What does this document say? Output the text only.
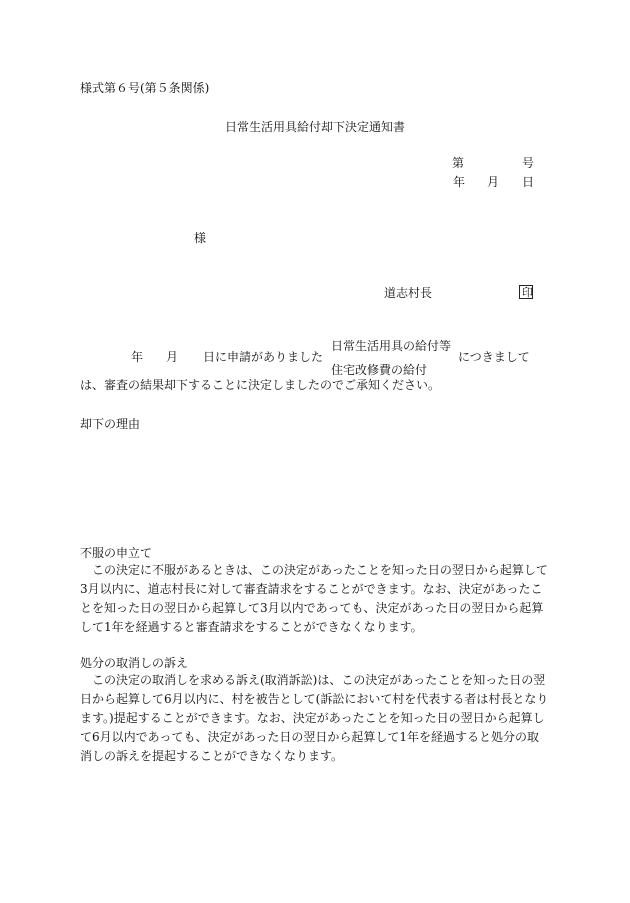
様式第６号(第５条関係)
日常生活用具給付却下決定通知書
第	号
年 月 日
様
道志村長	印
年 月 日に申請がありました
日常生活用具の給付等
住宅改修費の給付
につきまして
は、審査の結果却下することに決定しましたのでご承知ください。
却下の理由
不服の申立て
この決定に不服があるときは、この決定があったことを知った日の翌日から起算して3月以内に、道志村長に対して審査請求をすることができます。なお、決定があったことを知った日の翌日から起算して3月以内であっても、決定があった日の翌日から起算して1年を経過すると審査請求をすることができなくなります。
処分の取消しの訴え
この決定の取消しを求める訴え(取消訴訟)は、この決定があったことを知った日の翌日から起算して6月以内に、村を被告として(訴訟において村を代表する者は村長となります。)提起することができます。なお、決定があったことを知った日の翌日から起算して6月以内であっても、決定があった日の翌日から起算して1年を経過すると処分の取消しの訴えを提起することができなくなります。
